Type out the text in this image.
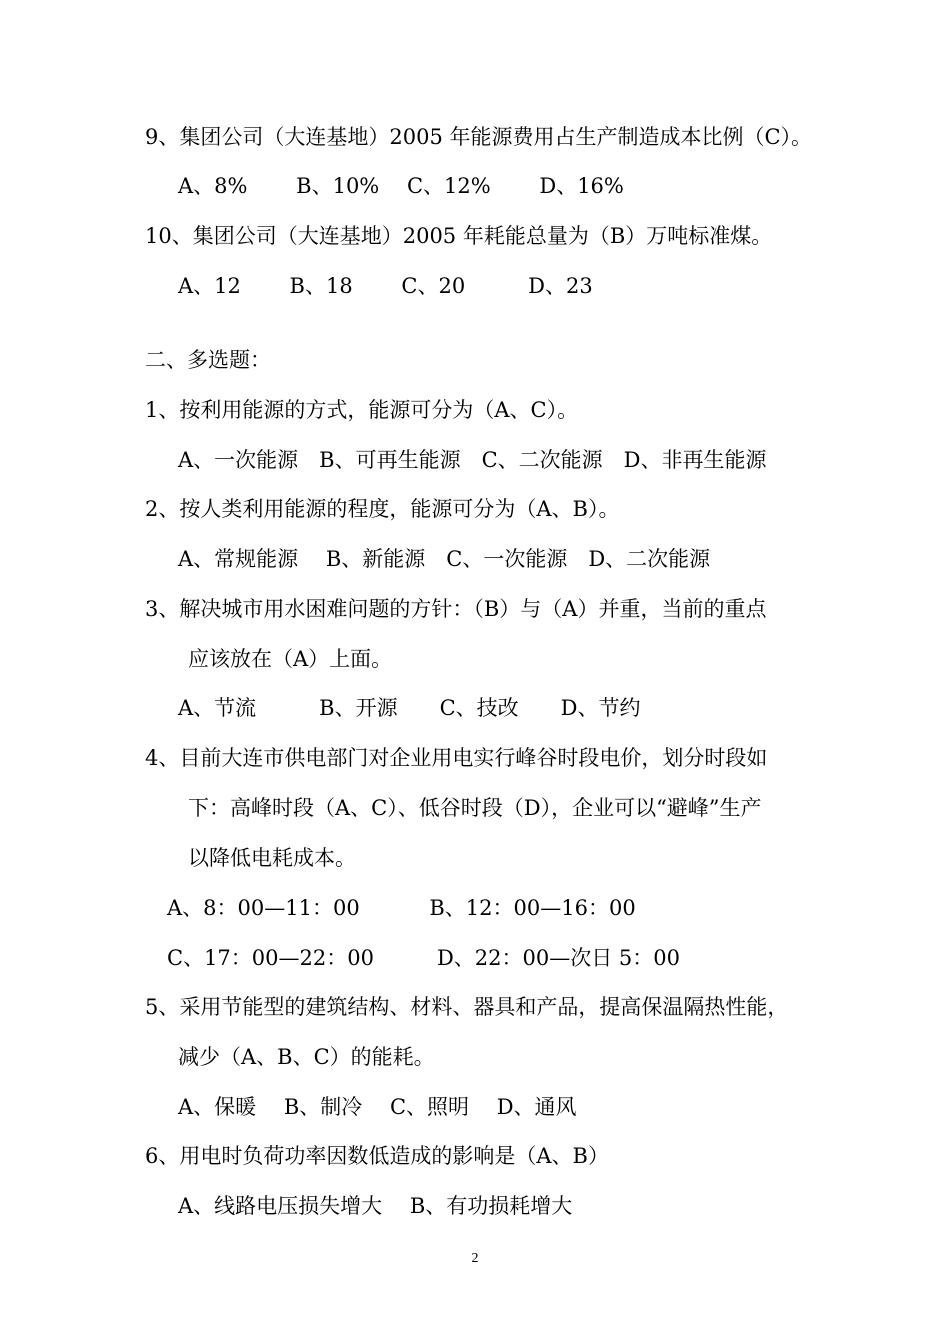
9、集团公司（大连基地）2005 年能源费用占生产制造成本比例（C）。
A、8%　　 B、10%　 C、12%　　 D、16%
10、集团公司（大连基地）2005 年耗能总量为（B）万吨标准煤。
A、12　　 B、18　　 C、20　　　D、23
二、多选题：
1、按利用能源的方式，能源可分为（A、C）。
A、一次能源　B、可再生能源　C、二次能源　D、非再生能源
2、按人类利用能源的程度，能源可分为（A、B）。
A、常规能源　 B、新能源　C、一次能源　D、二次能源
3、解决城市用水困难问题的方针：（B）与（A）并重，当前的重点
应该放在（A）上面。
A、节流　　　B、开源　　C、技改　　D、节约
4、目前大连市供电部门对企业用电实行峰谷时段电价，划分时段如
下：高峰时段（A、C）、低谷时段（D），企业可以“避峰”生产
以降低电耗成本。
A、8：00—11：00　　　 B、12：00—16：00
C、17：00—22：00　　　D、22：00—次日 5：00
5、采用节能型的建筑结构、材料、器具和产品，提高保温隔热性能，
减少（A、B、C）的能耗。
A、保暖　 B、制冷　 C、照明　 D、通风
6、用电时负荷功率因数低造成的影响是（A、B）
A、线路电压损失增大　 B、有功损耗增大
2
